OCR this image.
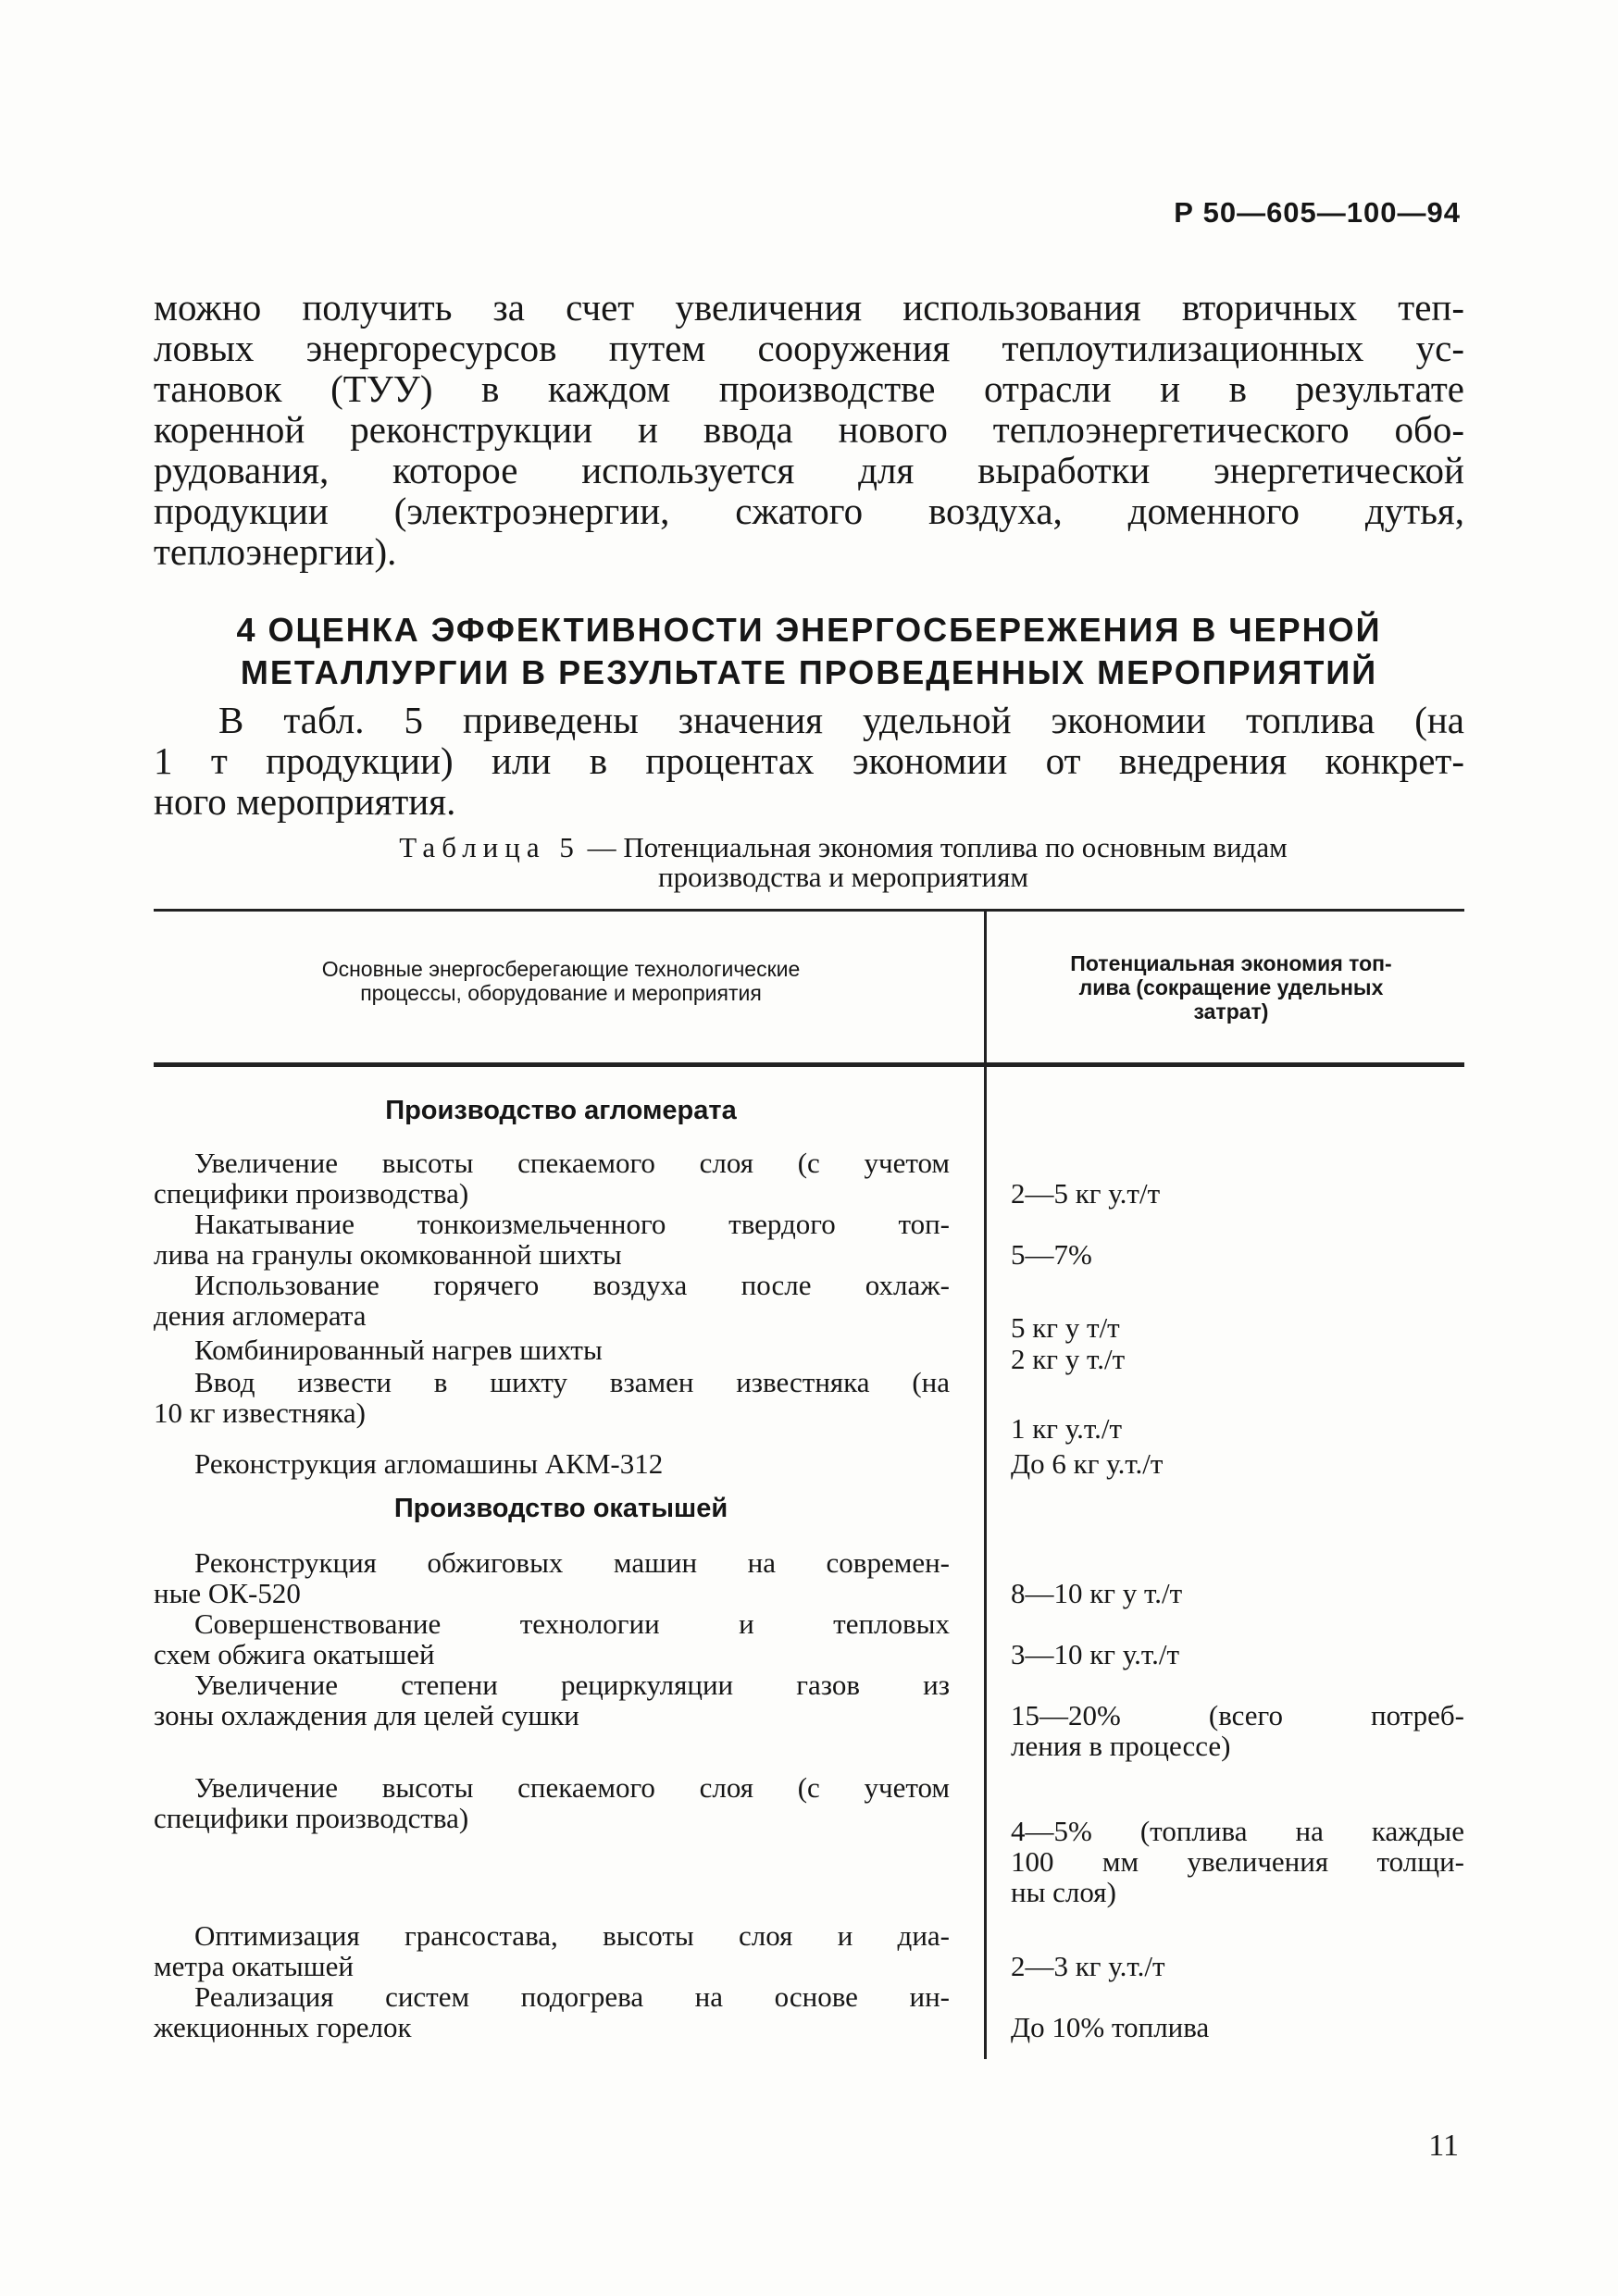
Р 50—605—100—94
можно получить за счет увеличения использования вторичных теп-
ловых энергоресурсов путем сооружения теплоутилизационных ус-
тановок (ТУУ) в каждом производстве отрасли и в результате
коренной реконструкции и ввода нового теплоэнергетического обо-
рудования, которое используется для выработки энергетической
продукции (электроэнергии, сжатого воздуха, доменного дутья,
теплоэнергии).
4 ОЦЕНКА ЭФФЕКТИВНОСТИ ЭНЕРГОСБЕРЕЖЕНИЯ В ЧЕРНОЙ
МЕТАЛЛУРГИИ В РЕЗУЛЬТАТЕ ПРОВЕДЕННЫХ МЕРОПРИЯТИЙ
В табл. 5 приведены значения удельной экономии топлива (на
1 т продукции) или в процентах экономии от внедрения конкрет-
ного мероприятия.
Таблица 5 — Потенциальная экономия топлива по основным видам
производства и мероприятиям
Основные энергосберегающие технологические
процессы, оборудование и мероприятия
Потенциальная экономия топ-
лива (сокращение удельных
затрат)
Производство агломерата
Увеличение высоты спекаемого слоя (с учетом
специфики производства)	2—5 кг у.т/т
Накатывание тонкоизмельченного твердого топ-
лива на гранулы окомкованной шихты	5—7%
Использование горячего воздуха после охлаж-
дения агломерата	5 кг у т/т
Комбинированный нагрев шихты	2 кг у т./т
Ввод извести в шихту взамен известняка (на
10 кг известняка)	1 кг у.т./т
Реконструкция агломашины АКМ-312	До 6 кг у.т./т
Производство окатышей
Реконструкция обжиговых машин на современ-
ные ОК-520	8—10 кг у т./т
Совершенствование технологии и тепловых
схем обжига окатышей	3—10 кг у.т./т
Увеличение степени рециркуляции газов из
зоны охлаждения для целей сушки	15—20% (всего потреб-
ления в процессе)
Увеличение высоты спекаемого слоя (с учетом
специфики производства)	4—5% (топлива на каждые
100 мм увеличения толщи-
ны слоя)
Оптимизация грансостава, высоты слоя и диа-
метра окатышей	2—3 кг у.т./т
Реализация систем подогрева на основе ин-
жекционных горелок	До 10% топлива
11
